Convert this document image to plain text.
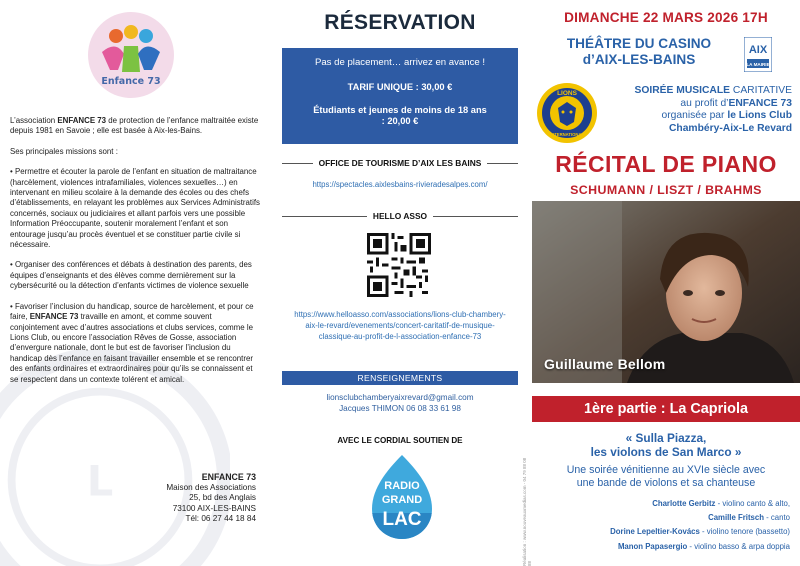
L
Enfance 73

L’association ENFANCE 73 de protection de l’enfance maltraitée existe depuis 1981 en Savoie ; elle est basée à Aix-les-Bains.

Ses principales missions sont :

• Permettre et écouter la parole de l’enfant en situation de maltraitance (harcèlement, violences intrafamiliales, violences sexuelles…) en intervenant en milieu scolaire à la demande des écoles ou des chefs d’établissements, en relayant les problèmes aux Services Administratifs concernés, sociaux ou judiciaires et allant parfois vers une possible Information Préoccupante, soutenir moralement l’enfant et son entourage jusqu’au procès éventuel et se constituer partie civile si nécessaire.

• Organiser des conférences et débats à destination des parents, des équipes d’enseignants et des élèves comme dernièrement sur la cybersécurité ou la détection d’enfants victimes de violence sexuelle

• Favoriser l’inclusion du handicap, source de harcèlement, et pour ce faire, ENFANCE 73 travaille en amont, et comme souvent conjointement avec d’autres associations et clubs services, comme le Lions Club, ou encore l’association Rêves de Gosse, association d’envergure nationale, dont le but est de favoriser l’inclusion du handicap dès l’enfance en faisant travailler ensemble et se rencontrer des enfants ordinaires et extraordinaires pour qu’ils se connaissent et se respectent dans un contexte tolérent et amical.

ENFANCE 73
Maison des Associations
25, bd des Anglais
73100 AIX-LES-BAINS
Tél: 06 27 44 18 84
RÉSERVATION
Pas de placement… arrivez en avance !
TARIF UNIQUE : 30,00 €
Étudiants et jeunes de moins de 18 ans : 20,00 €
OFFICE DE TOURISME D’AIX LES BAINS
https://spectacles.aixlesbains-rivieradesalpes.com/
HELLO ASSO
https://www.helloasso.com/associations/lions-club-chambery-aix-le-revard/evenements/concert-caritatif-de-musique-classique-au-profit-de-l-association-enfance-73
RENSEIGNEMENTS
lionsclubchamberyaixrevard@gmail.com
Jacques THIMON 06 08 33 61 98
AVEC LE CORDIAL SOUTIEN DE
RADIO
GRAND
LAC	Réalisation : www.nouveauxmedias.com - 04 79 88 08 88
DIMANCHE 22 MARS 2026 17H
THÉÂTRE DU CASINO
d’AIX-LES-BAINS
AIX
LA MAIRIE
LIONS
INTERNATIONAL
SOIRÉE MUSICALE CARITATIVE
au profit d’ENFANCE 73
organisée par le Lions Club
Chambéry-Aix-Le Revard
RÉCITAL DE PIANO
SCHUMANN / LISZT / BRAHMS
Guillaume Bellom
1ère partie : La Capriola
« Sulla Piazza,
les violons de San Marco »
Une soirée vénitienne au XVIe siècle avec
une bande de violons et sa chanteuse
Charlotte Gerbitz - violino canto & alto,
Camille Fritsch - canto
Dorine Lepeltier-Kovács - violino tenore (bassetto)
Manon Papasergio - violino basso & arpa doppia
